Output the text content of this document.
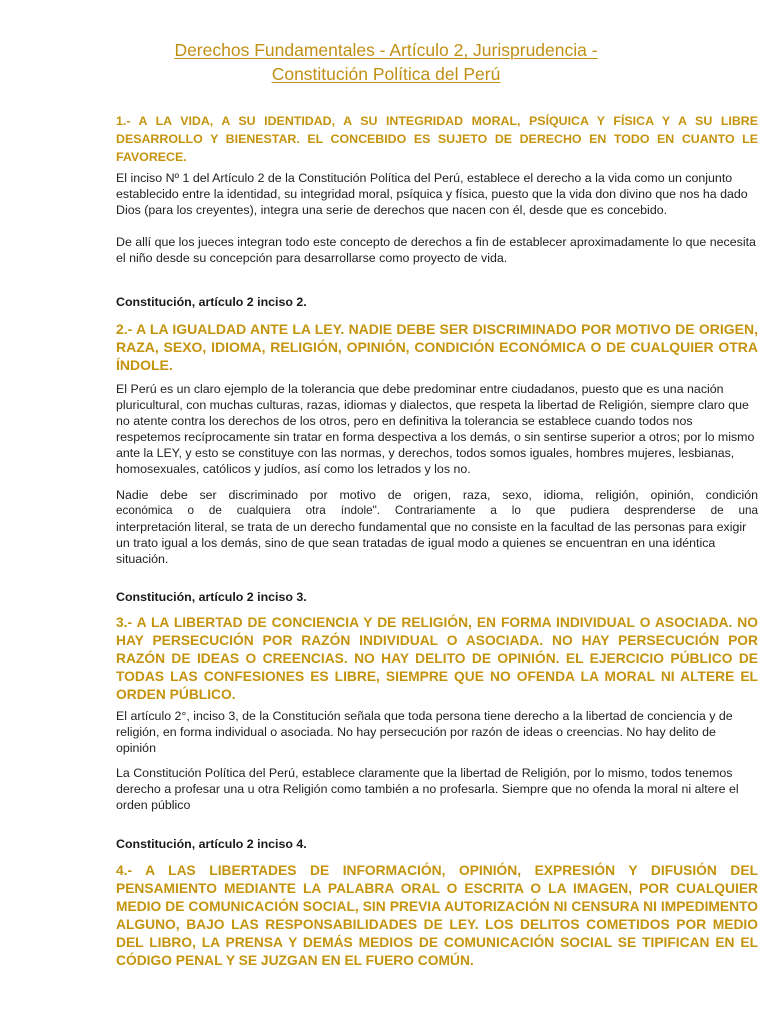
Derechos Fundamentales - Artículo 2, Jurisprudencia -
Constitución Política del Perú
1.- A LA VIDA, A SU IDENTIDAD, A SU INTEGRIDAD MORAL, PSÍQUICA Y FÍSICA Y A SU LIBRE DESARROLLO Y BIENESTAR. EL CONCEBIDO ES SUJETO DE DERECHO EN TODO EN CUANTO LE FAVORECE.
El inciso Nº 1 del Artículo 2 de la Constitución Política del Perú, establece el derecho a la vida como un conjunto establecido entre la identidad, su integridad moral, psíquica y física, puesto que la vida don divino que nos ha dado Dios (para los creyentes), integra una serie de derechos que nacen con él, desde que es concebido.
De allí que los jueces integran todo este concepto de derechos a fin de establecer aproximadamente lo que necesita el niño desde su concepción para desarrollarse como proyecto de vida.
Constitución, artículo 2 inciso 2.
2.- A LA IGUALDAD ANTE LA LEY. NADIE DEBE SER DISCRIMINADO POR MOTIVO DE ORIGEN, RAZA, SEXO, IDIOMA, RELIGIÓN, OPINIÓN, CONDICIÓN ECONÓMICA O DE CUALQUIER OTRA ÍNDOLE.
El Perú es un claro ejemplo de la tolerancia que debe predominar entre ciudadanos, puesto que es una nación pluricultural, con muchas culturas, razas, idiomas y dialectos, que respeta la libertad de Religión, siempre claro que no atente contra los derechos de los otros, pero en definitiva la tolerancia se establece cuando todos nos respetemos recíprocamente sin tratar en forma despectiva a los demás, o sin sentirse superior a otros; por lo mismo ante la LEY, y esto se constituye con las normas, y derechos, todos somos iguales, hombres mujeres, lesbianas, homosexuales, católicos y judíos, así como los letrados y los no.
Nadie debe ser discriminado por motivo de origen, raza, sexo, idioma, religión, opinión, condición
económica o de cualquiera otra índole". Contrariamente a lo que pudiera desprenderse de una
interpretación literal, se trata de un derecho fundamental que no consiste en la facultad de las personas para exigir un trato igual a los demás, sino de que sean tratadas de igual modo a quienes se encuentran en una idéntica situación.
Constitución, artículo 2 inciso 3.
3.- A LA LIBERTAD DE CONCIENCIA Y DE RELIGIÓN, EN FORMA INDIVIDUAL O ASOCIADA. NO HAY PERSECUCIÓN POR RAZÓN INDIVIDUAL O ASOCIADA. NO HAY PERSECUCIÓN POR RAZÓN DE IDEAS O CREENCIAS. NO HAY DELITO DE OPINIÓN. EL EJERCICIO PÚBLICO DE TODAS LAS CONFESIONES ES LIBRE, SIEMPRE QUE NO OFENDA LA MORAL NI ALTERE EL ORDEN PÚBLICO.
El artículo 2°, inciso 3, de la Constitución señala que toda persona tiene derecho a la libertad de conciencia y de religión, en forma individual o asociada. No hay persecución por razón de ideas o creencias. No hay delito de opinión
La Constitución Política del Perú, establece claramente que la libertad de Religión, por lo mismo, todos tenemos derecho a profesar una u otra Religión como también a no profesarla. Siempre que no ofenda la moral ni altere el orden público
Constitución, artículo 2 inciso 4.
4.- A LAS LIBERTADES DE INFORMACIÓN, OPINIÓN, EXPRESIÓN Y DIFUSIÓN DEL PENSAMIENTO MEDIANTE LA PALABRA ORAL O ESCRITA O LA IMAGEN, POR CUALQUIER MEDIO DE COMUNICACIÓN SOCIAL, SIN PREVIA AUTORIZACIÓN NI CENSURA NI IMPEDIMENTO ALGUNO, BAJO LAS RESPONSABILIDADES DE LEY. LOS DELITOS COMETIDOS POR MEDIO DEL LIBRO, LA PRENSA Y DEMÁS MEDIOS DE COMUNICACIÓN SOCIAL SE TIPIFICAN EN EL CÓDIGO PENAL Y SE JUZGAN EN EL FUERO COMÚN.
